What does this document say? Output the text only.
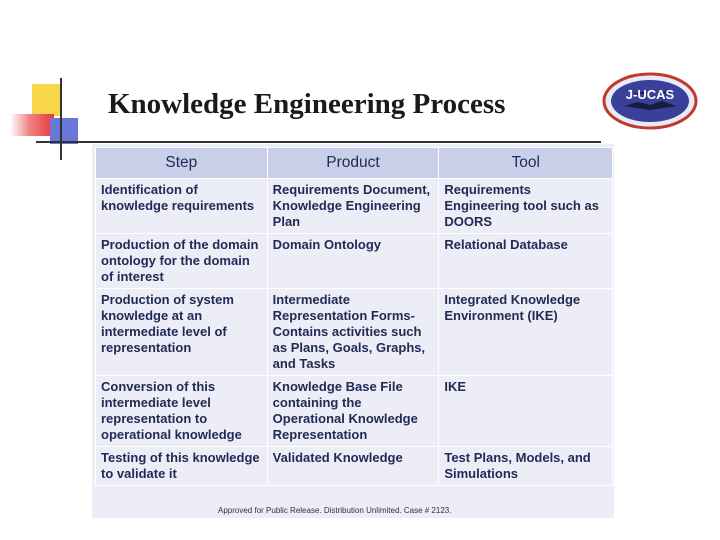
Knowledge Engineering Process	J-UCAS
Step	Product	Tool
Identification of knowledge requirements	Requirements Document, Knowledge Engineering Plan	Requirements Engineering tool such as DOORS
Production of the domain ontology for the domain of interest	Domain Ontology	Relational Database
Production of system knowledge at an intermediate level of representation	Intermediate Representation Forms- Contains activities such as Plans, Goals, Graphs, and Tasks	Integrated Knowledge Environment (IKE)
Conversion of this intermediate level representation to operational knowledge	Knowledge Base File containing the Operational Knowledge Representation	IKE
Testing of this knowledge to validate it	Validated Knowledge	Test Plans, Models, and Simulations
Approved for Public Release. Distribution Unlimited. Case # 2123.
